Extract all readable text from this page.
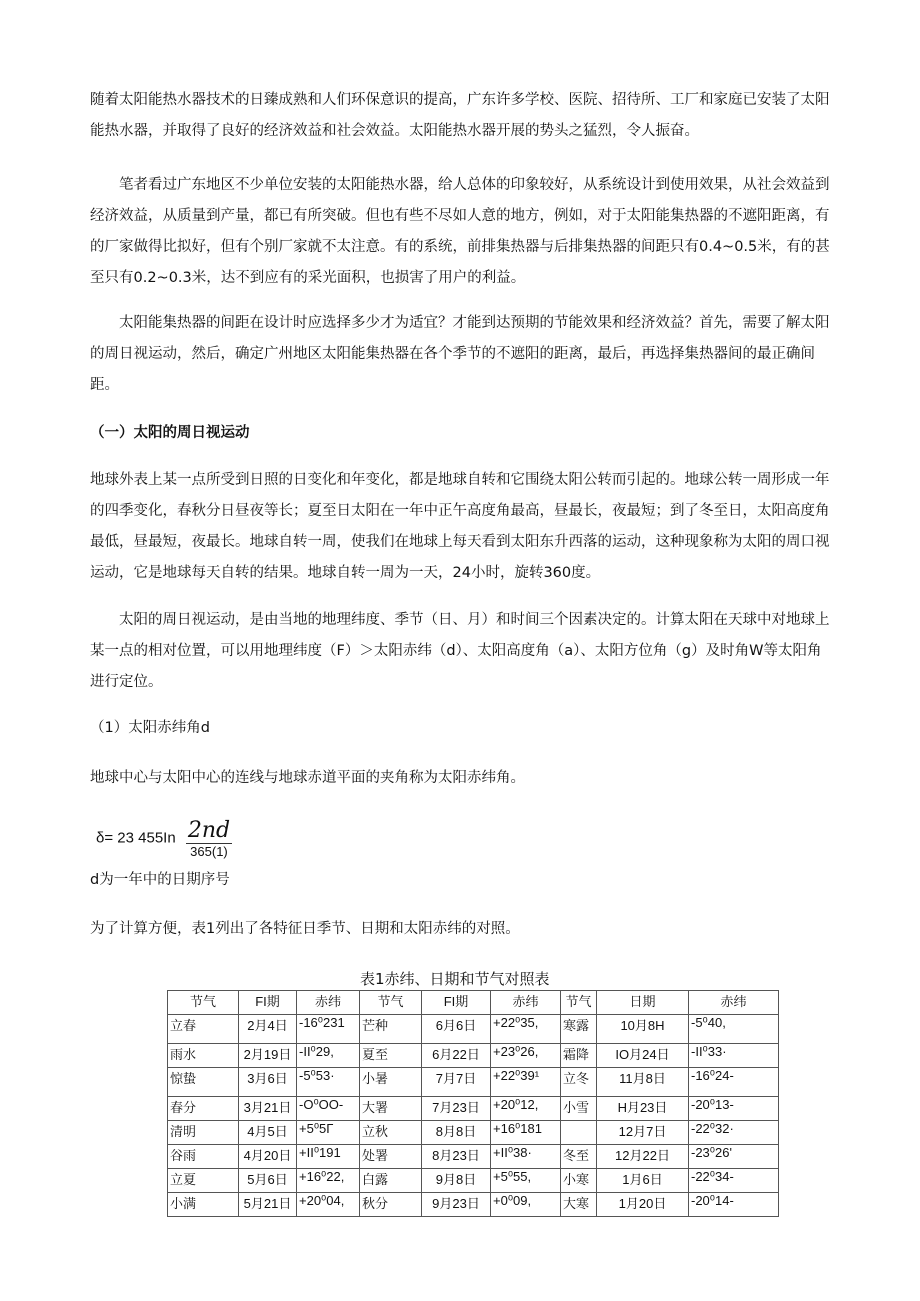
随着太阳能热水器技术的日臻成熟和人们环保意识的提高，广东许多学校、医院、招待所、工厂和家庭已安装了太阳能热水器，并取得了良好的经济效益和社会效益。太阳能热水器开展的势头之猛烈，令人振奋。

笔者看过广东地区不少单位安装的太阳能热水器，给人总体的印象较好，从系统设计到使用效果，从社会效益到经济效益，从质量到产量，都已有所突破。但也有些不尽如人意的地方，例如，对于太阳能集热器的不遮阳距离，有的厂家做得比拟好，但有个别厂家就不太注意。有的系统，前排集热器与后排集热器的间距只有0.4~0.5米，有的甚至只有0.2~0.3米，达不到应有的采光面积，也损害了用户的利益。

太阳能集热器的间距在设计时应选择多少才为适宜？才能到达预期的节能效果和经济效益？首先，需要了解太阳的周日视运动，然后，确定广州地区太阳能集热器在各个季节的不遮阳的距离，最后，再选择集热器间的最正确间距。

（一）太阳的周日视运动

地球外表上某一点所受到日照的日变化和年变化，都是地球自转和它围绕太阳公转而引起的。地球公转一周形成一年的四季变化，春秋分日昼夜等长；夏至日太阳在一年中正午高度角最高，昼最长，夜最短；到了冬至日，太阳高度角最低，昼最短，夜最长。地球自转一周，使我们在地球上每天看到太阳东升西落的运动，这种现象称为太阳的周口视运动，它是地球每天自转的结果。地球自转一周为一天，24小时，旋转360度。

太阳的周日视运动，是由当地的地理纬度、季节（日、月）和时间三个因素决定的。计算太阳在天球中对地球上某一点的相对位置，可以用地理纬度（F）＞太阳赤纬（d）、太阳高度角（a）、太阳方位角（g）及时角W等太阳角进行定位。

（1）太阳赤纬角d

地球中心与太阳中心的连线与地球赤道平面的夹角称为太阳赤纬角。

δ= 23 $455In \frac{2nd}{365(1)}$

d为一年中的日期序号

为了计算方便，表1列出了各特征日季节、日期和太阳赤纬的对照。

表1赤纬、日期和节气对照表
节气	FI期	赤纬	节气	FI期	赤纬	节气	日期	赤纬
立春	2月4日	-16⁰231	芒种	6月6日	+22⁰35,	寒露	10月8H	-5⁰40,
雨水	2月19日	-II⁰29,	夏至	6月22日	+23⁰26,	霜降	IO月24日	-II⁰33·
惊蛰	3月6日	-5⁰53·	小暑	7月7日	+22⁰39¹	立冬	11月8日	-16⁰24-
春分	3月21日	-O⁰OO-	大署	7月23日	+20⁰12,	小雪	H月23日	-20⁰13-
清明	4月5日	+5⁰5Γ	立秋	8月8日	+16⁰181		12月7日	-22⁰32·
谷雨	4月20日	+II⁰191	处署	8月23日	+II⁰38·	冬至	12月22日	-23⁰26'
立夏	5月6日	+16⁰22,	白露	9月8日	+5⁰55,	小寒	1月6日	-22⁰34-
小满	5月21日	+20⁰04,	秋分	9月23日	+0⁰09,	大寒	1月20日	-20⁰14-
